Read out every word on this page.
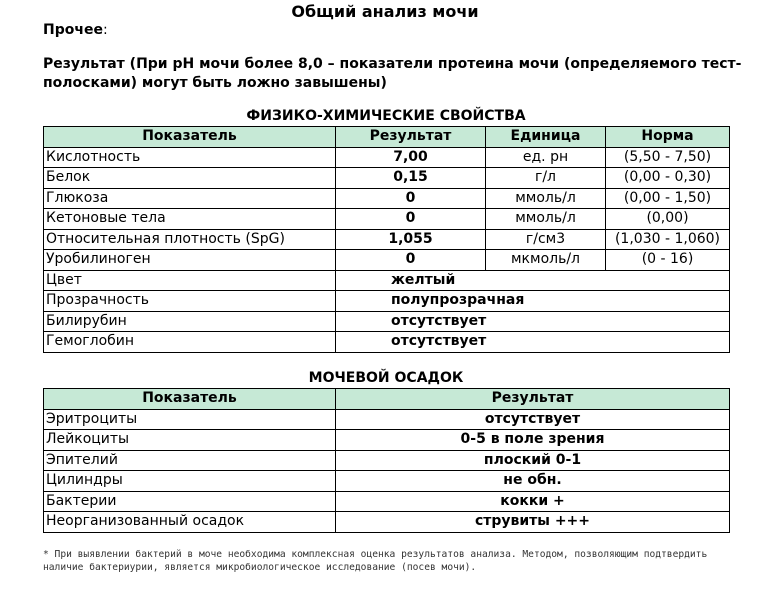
Общий анализ мочи
Прочее:
Результат (При pH мочи более 8,0 – показатели протеина мочи (определяемого тест-полосками) могут быть ложно завышены)
ФИЗИКО-ХИМИЧЕСКИЕ СВОЙСТВА
Показатель	Результат	Единица	Норма
Кислотность	7,00	ед. рн	(5,50 - 7,50)
Белок	0,15	г/л	(0,00 - 0,30)
Глюкоза	0	ммоль/л	(0,00 - 1,50)
Кетоновые тела	0	ммоль/л	(0,00)
Относительная плотность (SpG)	1,055	г/см3	(1,030 - 1,060)
Уробилиноген	0	мкмоль/л	(0 - 16)
Цвет	желтый		
Прозрачность	полупрозрачная		
Билирубин	отсутствует		
Гемоглобин	отсутствует		
МОЧЕВОЙ ОСАДОК
Показатель	Результат
Эритроциты	отсутствует
Лейкоциты	0-5 в поле зрения
Эпителий	плоский 0-1
Цилиндры	не обн.
Бактерии	кокки +
Неорганизованный осадок	струвиты +++
* При выявлении бактерий в моче необходима комплексная оценка результатов анализа. Методом, позволяющим подтвердить наличие бактериурии, является микробиологическое исследование (посев мочи).
